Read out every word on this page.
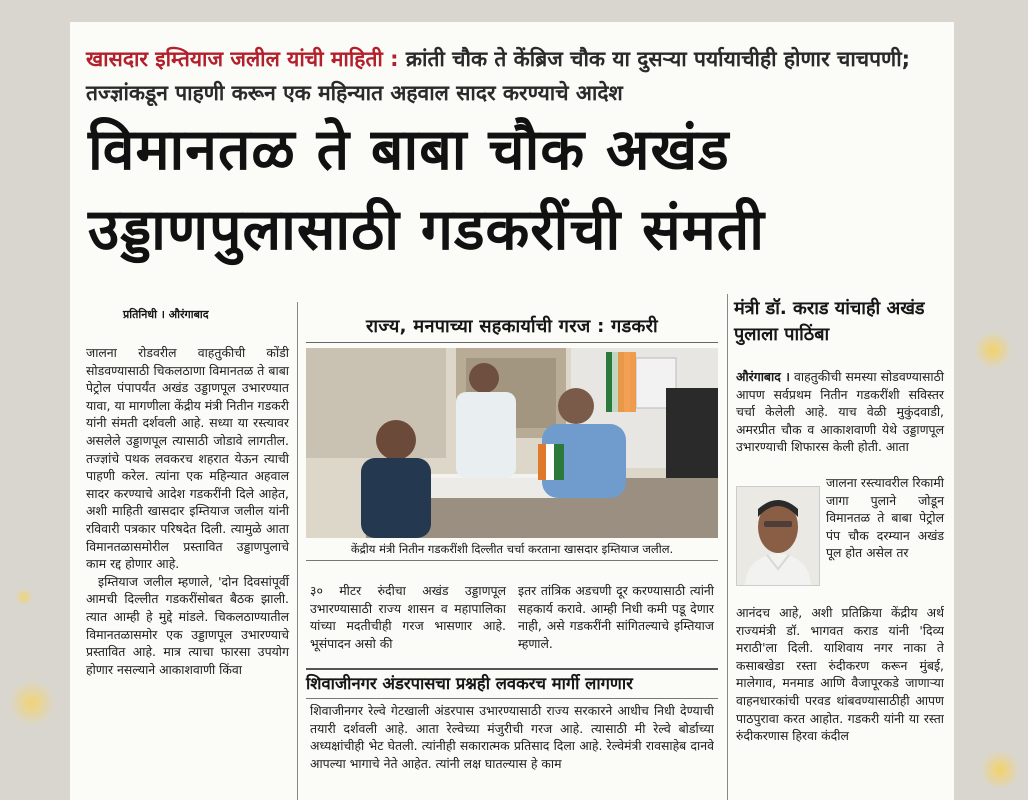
खासदार इम्तियाज जलील यांची माहिती : क्रांती चौक ते केंब्रिज चौक या दुसऱ्या पर्यायाचीही होणार चाचपणी; तज्ज्ञांकडून पाहणी करून एक महिन्यात अहवाल सादर करण्याचे आदेश
विमानतळ ते बाबा चौक अखंड
उड्डाणपुलासाठी गडकरींची संमती
प्रतिनिधी । औरंगाबाद

जालना रोडवरील वाहतुकीची कोंडी सोडवण्यासाठी चिकलठाणा विमानतळ ते बाबा पेट्रोल पंपापर्यंत अखंड उड्डाणपूल उभारण्यात यावा, या मागणीला केंद्रीय मंत्री नितीन गडकरी यांनी संमती दर्शवली आहे. सध्या या रस्त्यावर असलेले उड्डाणपूल त्यासाठी जोडावे लागतील. तज्ज्ञांचे पथक लवकरच शहरात येऊन त्याची पाहणी करेल. त्यांना एक महिन्यात अहवाल सादर करण्याचे आदेश गडकरींनी दिले आहेत, अशी माहिती खासदार इम्तियाज जलील यांनी रविवारी पत्रकार परिषदेत दिली. त्यामुळे आता विमानतळासमोरील प्रस्तावित उड्डाणपुलाचे काम रद्द होणार आहे.

इम्तियाज जलील म्हणाले, 'दोन दिवसांपूर्वी आमची दिल्लीत गडकरींसोबत बैठक झाली. त्यात आम्ही हे मुद्दे मांडले. चिकलठाण्यातील विमानतळासमोर एक उड्डाणपूल उभारण्याचे प्रस्तावित आहे. मात्र त्याचा फारसा उपयोग होणार नसल्याने आकाशवाणी किंवा

राज्य, मनपाच्या सहकार्याची गरज : गडकरी
केंद्रीय मंत्री नितीन गडकरींशी दिल्लीत चर्चा करताना खासदार इम्तियाज जलील.

३० मीटर रुंदीचा अखंड उड्डाणपूल उभारण्यासाठी राज्य शासन व महापालिका यांच्या मदतीचीही गरज भासणार आहे. भूसंपादन असो की

इतर तांत्रिक अडचणी दूर करण्यासाठी त्यांनी सहकार्य करावे. आम्ही निधी कमी पडू देणार नाही, असे गडकरींनी सांगितल्याचे इम्तियाज म्हणाले.

शिवाजीनगर अंडरपासचा प्रश्नही लवकरच मार्गी लागणार

शिवाजीनगर रेल्वे गेटखाली अंडरपास उभारण्यासाठी राज्य सरकारने आधीच निधी देण्याची तयारी दर्शवली आहे. आता रेल्वेच्या मंजुरीची गरज आहे. त्यासाठी मी रेल्वे बोर्डाच्या अध्यक्षांचीही भेट घेतली. त्यांनीही सकारात्मक प्रतिसाद दिला आहे. रेल्वेमंत्री रावसाहेब दानवे आपल्या भागाचे नेते आहेत. त्यांनी लक्ष घातल्यास हे काम

मंत्री डॉ. कराड यांचाही अखंड पुलाला पाठिंबा

औरंगाबाद । वाहतुकीची समस्या सोडवण्यासाठी आपण सर्वप्रथम नितीन गडकरींशी सविस्तर चर्चा केलेली आहे. याच वेळी मुकुंदवाडी, अमरप्रीत चौक व आकाशवाणी येथे उड्डाणपूल उभारण्याची शिफारस केली होती. आता

जालना रस्त्यावरील रिकामी जागा पुलाने जोडून विमानतळ ते बाबा पेट्रोल पंप चौक दरम्यान अखंड पूल होत असेल तर

आनंदच आहे, अशी प्रतिक्रिया केंद्रीय अर्थ राज्यमंत्री डॉ. भागवत कराड यांनी 'दिव्य मराठी'ला दिली. याशिवाय नगर नाका ते कसाबखेडा रस्ता रुंदीकरण करून मुंबई, मालेगाव, मनमाड आणि वैजापूरकडे जाणाऱ्या वाहनधारकांची परवड थांबवण्यासाठीही आपण पाठपुरावा करत आहोत. गडकरी यांनी या रस्ता रुंदीकरणास हिरवा कंदील
